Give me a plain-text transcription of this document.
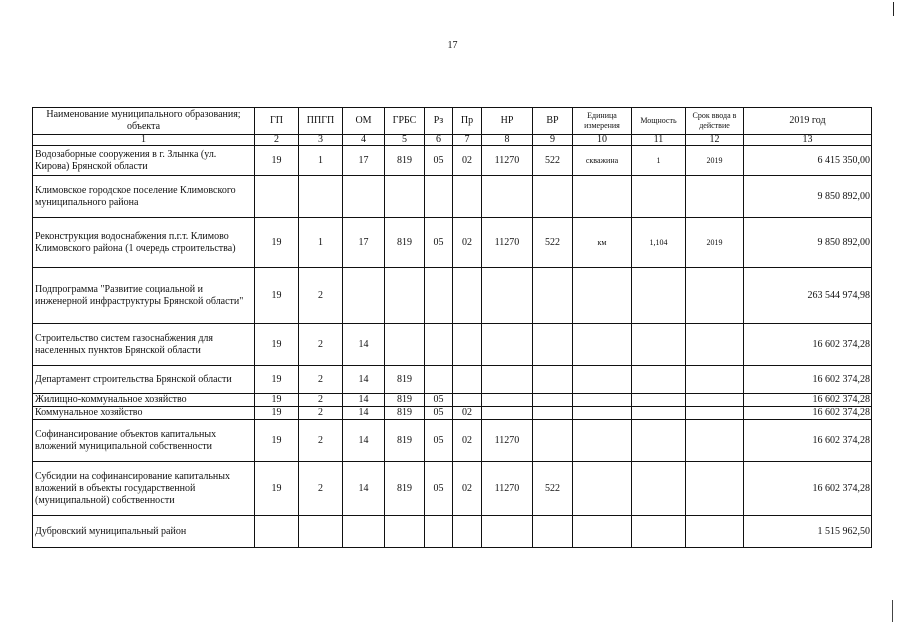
17
Наименование муниципального образования; объекта	ГП	ППГП	ОМ	ГРБС	Рз	Пр	НР	ВР	Единица измерения	Мощность	Срок ввода в действие	2019 год
1	2	3	4	5	6	7	8	9	10	11	12	13
Водозаборные сооружения в г. Злынка (ул. Кирова) Брянской области	19	1	17	819	05	02	11270	522	скважина	1	2019	6 415 350,00
Климовское городское поселение Климовского муниципального района												9 850 892,00
Реконструкция водоснабжения п.г.т. Климово Климовского района (1 очередь строительства)	19	1	17	819	05	02	11270	522	км	1,104	2019	9 850 892,00
Подпрограмма "Развитие социальной и инженерной инфраструктуры Брянской области"	19	2										263 544 974,98
Строительство систем газоснабжения для населенных пунктов Брянской области	19	2	14									16 602 374,28
Департамент строительства Брянской области	19	2	14	819								16 602 374,28
Жилищно-коммунальное хозяйство	19	2	14	819	05							16 602 374,28
Коммунальное хозяйство	19	2	14	819	05	02						16 602 374,28
Софинансирование объектов капитальных вложений муниципальной собственности	19	2	14	819	05	02	11270					16 602 374,28
Субсидии на софинансирование капитальных вложений в объекты государственной (муниципальной) собственности	19	2	14	819	05	02	11270	522				16 602 374,28
Дубровский муниципальный район												1 515 962,50
